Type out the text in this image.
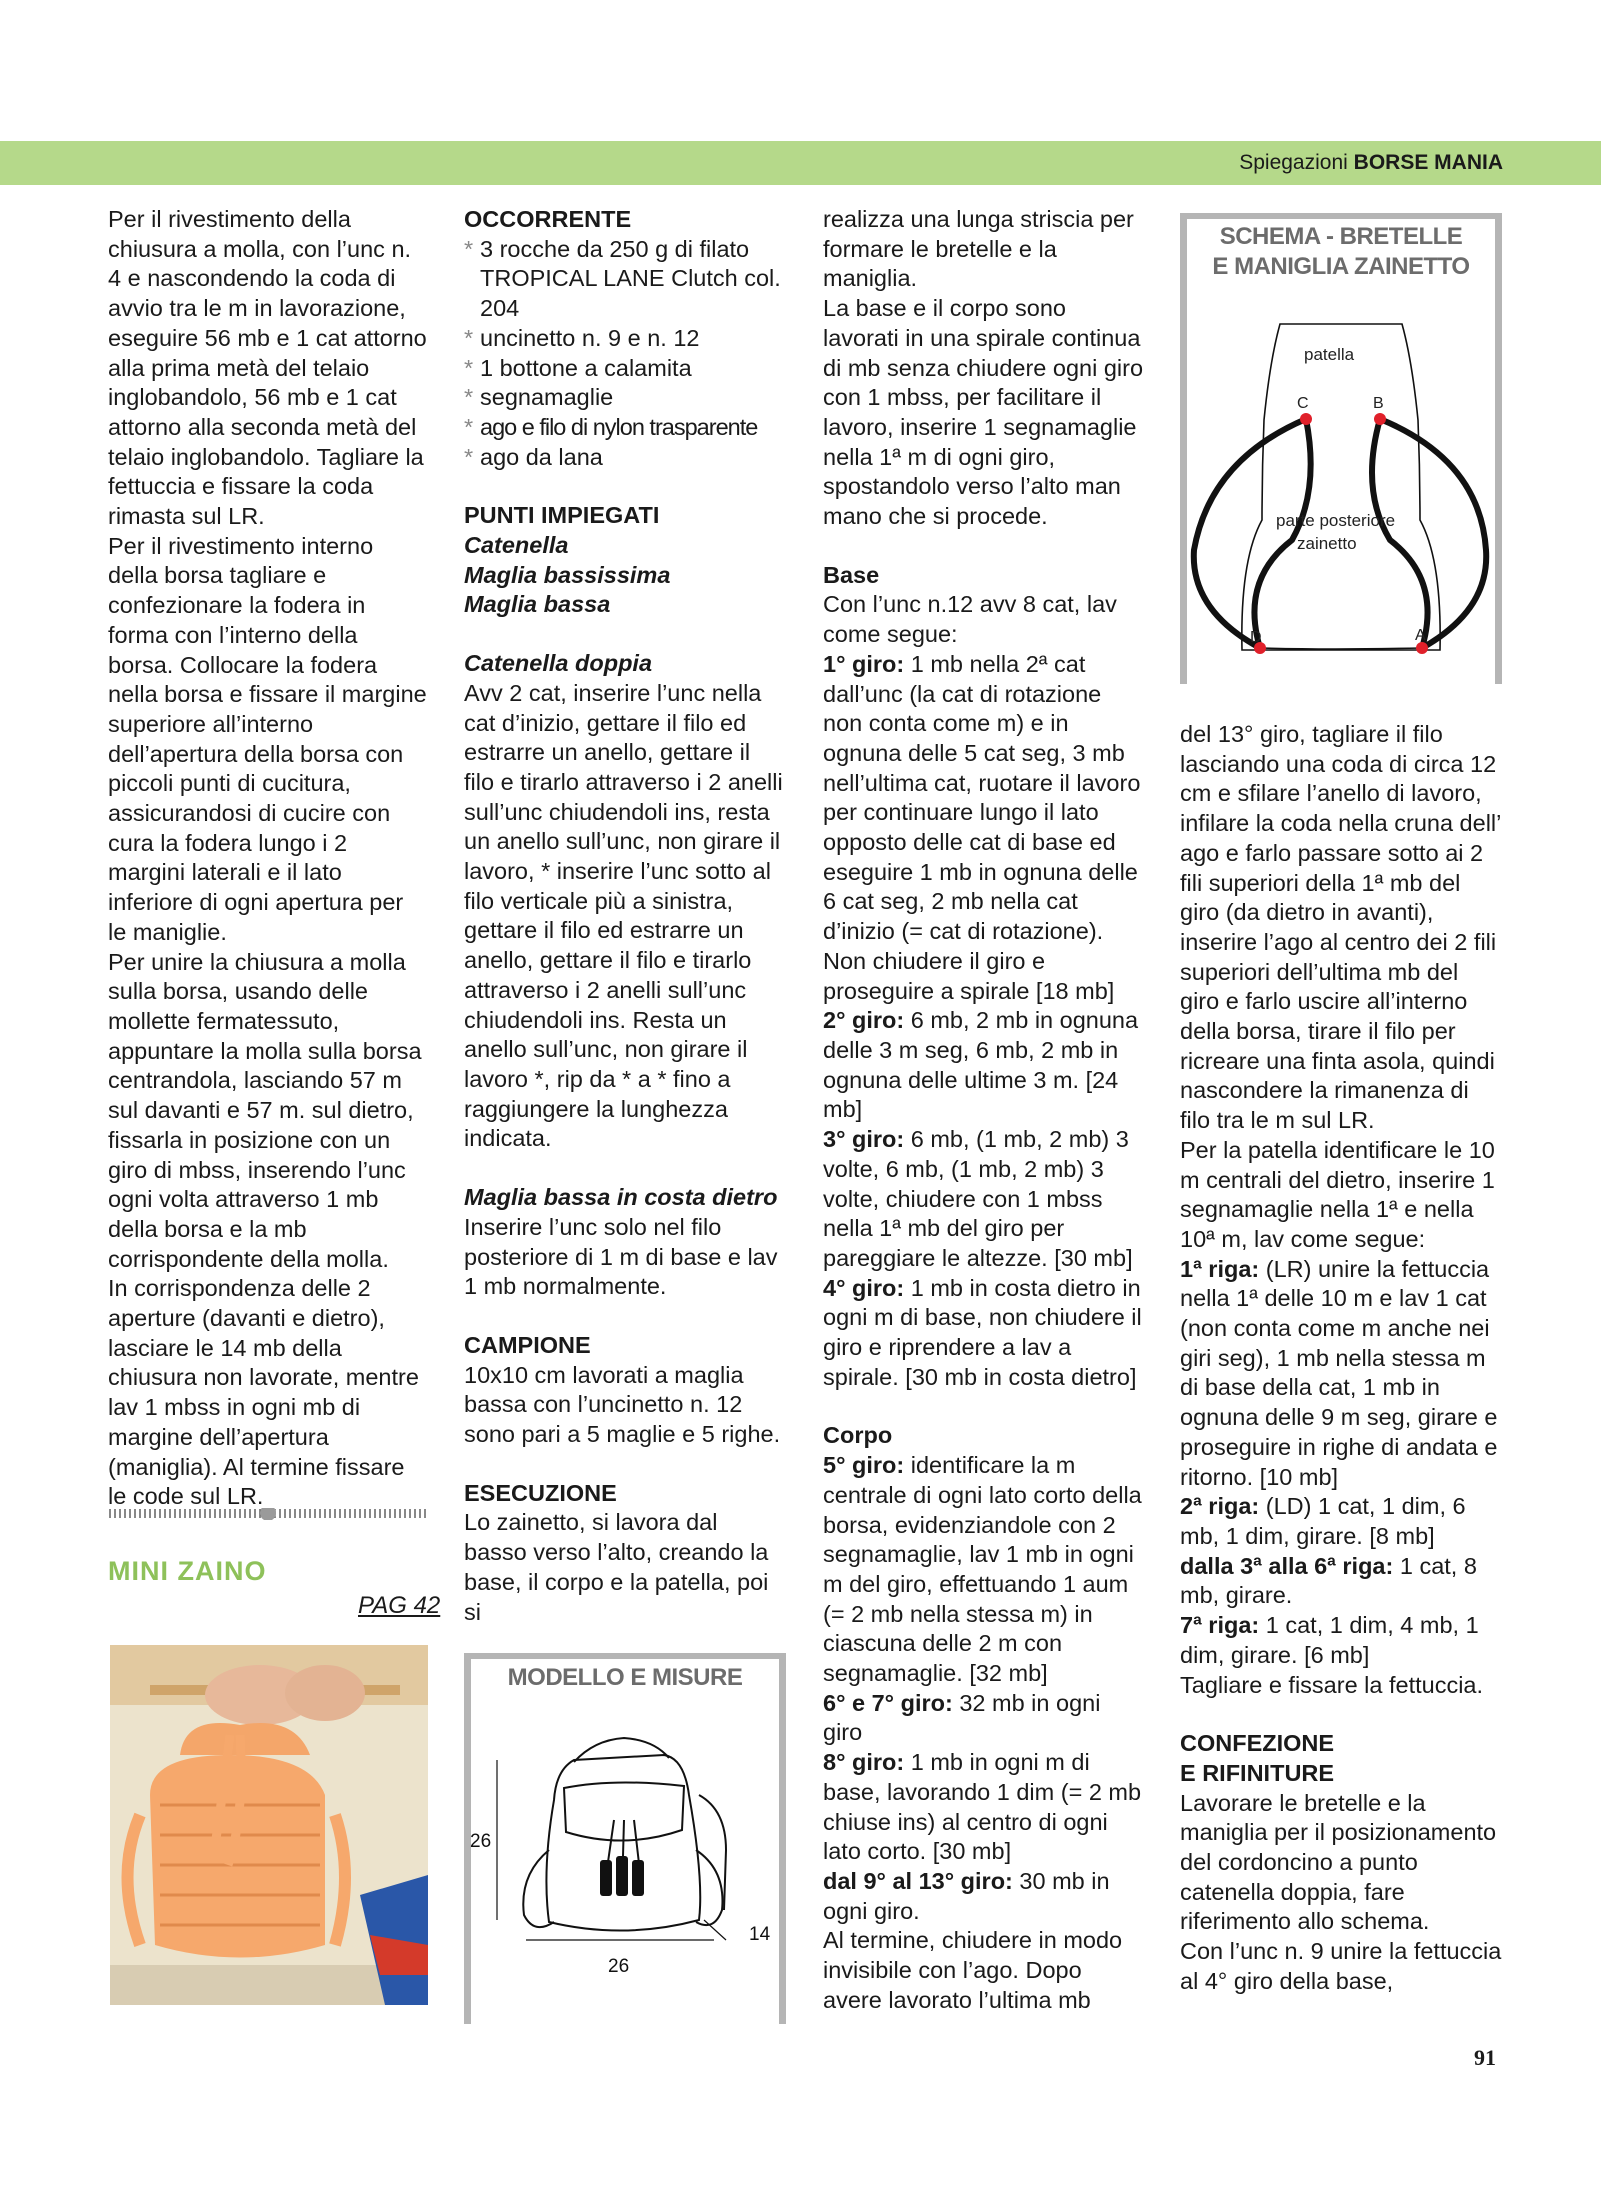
Spiegazioni BORSE MANIA

Per il rivestimento della chiusura a molla, con l’unc n. 4 e nascondendo la coda di avvio tra le m in lavorazione, eseguire 56 mb e 1 cat attorno alla prima metà del telaio inglobandolo, 56 mb e 1 cat attorno alla seconda metà del telaio inglobandolo. Tagliare la fettuccia e fissare la coda rimasta sul LR.

Per il rivestimento interno della borsa tagliare e confezionare la fodera in forma con l’interno della borsa. Collocare la fodera nella borsa e fissare il margine superiore all’interno dell’apertura della borsa con piccoli punti di cucitura, assicurandosi di cucire con cura la fodera lungo i 2 margini laterali e il lato inferiore di ogni apertura per le maniglie.

Per unire la chiusura a molla sulla borsa, usando delle mollette fermatessuto, appuntare la molla sulla borsa centrandola, lasciando 57 m sul davanti e 57 m. sul dietro, fissarla in posizione con un giro di mbss, inserendo l’unc ogni volta attraverso 1 mb della borsa e la mb corrispondente della molla.

In corrispondenza delle 2 aperture (davanti e dietro), lasciare le 14 mb della chiusura non lavorate, mentre lav 1 mbss in ogni mb di margine dell’apertura (maniglia). Al termine fissare le code sul LR.

MINI ZAINO
PAG 42
OCCORRENTE
* 3 rocche da 250 g di filato TROPICAL LANE Clutch col. 204
* uncinetto n. 9 e n. 12
* 1 bottone a calamita
* segnamaglie
* ago e filo di nylon trasparente
* ago da lana
PUNTI IMPIEGATI
Catenella
Maglia bassissima
Maglia bassa
Catenella doppia

Avv 2 cat, inserire l’unc nella cat d’inizio, gettare il filo ed estrarre un anello, gettare il filo e tirarlo attraverso i 2 anelli sull’unc chiudendoli ins, resta un anello sull’unc, non girare il lavoro, * inserire l’unc sotto al filo verticale più a sinistra, gettare il filo ed estrarre un anello, gettare il filo e tirarlo attraverso i 2 anelli sull’unc chiudendoli ins. Resta un anello sull’unc, non girare il lavoro *, rip da * a * fino a raggiungere la lunghezza indicata.

Maglia bassa in costa dietro

Inserire l’unc solo nel filo posteriore di 1 m di base e lav 1 mb normalmente.

CAMPIONE

10x10 cm lavorati a maglia bassa con l’uncinetto n. 12 sono pari a 5 maglie e 5 righe.

ESECUZIONE

Lo zainetto, si lavora dal basso verso l’alto, creando la base, il corpo e la patella, poi si

MODELLO E MISURE
26
26
14

realizza una lunga striscia per formare le bretelle e la maniglia.

La base e il corpo sono lavorati in una spirale continua di mb senza chiudere ogni giro con 1 mbss, per facilitare il lavoro, inserire 1 segnamaglie nella 1ª m di ogni giro, spostandolo verso l’alto man mano che si procede.

Base

Con l’unc n.12 avv 8 cat, lav come segue:

1° giro: 1 mb nella 2ª cat dall’unc (la cat di rotazione non conta come m) e in ognuna delle 5 cat seg, 3 mb nell’ultima cat, ruotare il lavoro per continuare lungo il lato opposto delle cat di base ed eseguire 1 mb in ognuna delle 6 cat seg, 2 mb nella cat d’inizio (= cat di rotazione).

Non chiudere il giro e proseguire a spirale [18 mb]

2° giro: 6 mb, 2 mb in ognuna delle 3 m seg, 6 mb, 2 mb in ognuna delle ultime 3 m. [24 mb]

3° giro: 6 mb, (1 mb, 2 mb) 3 volte, 6 mb, (1 mb, 2 mb) 3 volte, chiudere con 1 mbss nella 1ª mb del giro per pareggiare le altezze. [30 mb]

4° giro: 1 mb in costa dietro in ogni m di base, non chiudere il giro e riprendere a lav a spirale. [30 mb in costa dietro]

Corpo

5° giro: identificare la m centrale di ogni lato corto della borsa, evidenziandole con 2 segnamaglie, lav 1 mb in ogni m del giro, effettuando 1 aum (= 2 mb nella stessa m) in ciascuna delle 2 m con segnamaglie. [32 mb]

6° e 7° giro: 32 mb in ogni giro

8° giro: 1 mb in ogni m di base, lavorando 1 dim (= 2 mb chiuse ins) al centro di ogni lato corto. [30 mb]

dal 9° al 13° giro: 30 mb in ogni giro.

Al termine, chiudere in modo invisibile con l’ago. Dopo avere lavorato l’ultima mb

SCHEMA - BRETELLE
E MANIGLIA ZAINETTO
patella
C	B
parte posteriore
zainetto
D	A

del 13° giro, tagliare il filo lasciando una coda di circa 12 cm e sfilare l’anello di lavoro, infilare la coda nella cruna dell’ ago e farlo passare sotto ai 2 fili superiori della 1ª mb del giro (da dietro in avanti), inserire l’ago al centro dei 2 fili superiori dell’ultima mb del giro e farlo uscire all’interno della borsa, tirare il filo per ricreare una finta asola, quindi nascondere la rimanenza di filo tra le m sul LR.

Per la patella identificare le 10 m centrali del dietro, inserire 1 segnamaglie nella 1ª e nella 10ª m, lav come segue:

1ª riga: (LR) unire la fettuccia nella 1ª delle 10 m e lav 1 cat (non conta come m anche nei giri seg), 1 mb nella stessa m di base della cat, 1 mb in ognuna delle 9 m seg, girare e proseguire in righe di andata e ritorno. [10 mb]

2ª riga: (LD) 1 cat, 1 dim, 6 mb, 1 dim, girare. [8 mb]

dalla 3ª alla 6ª riga: 1 cat, 8 mb, girare.

7ª riga: 1 cat, 1 dim, 4 mb, 1 dim, girare. [6 mb]

Tagliare e fissare la fettuccia.

CONFEZIONE
E RIFINITURE

Lavorare le bretelle e la maniglia per il posizionamento del cordoncino a punto catenella doppia, fare riferimento allo schema.

Con l’unc n. 9 unire la fettuccia al 4° giro della base,

91
